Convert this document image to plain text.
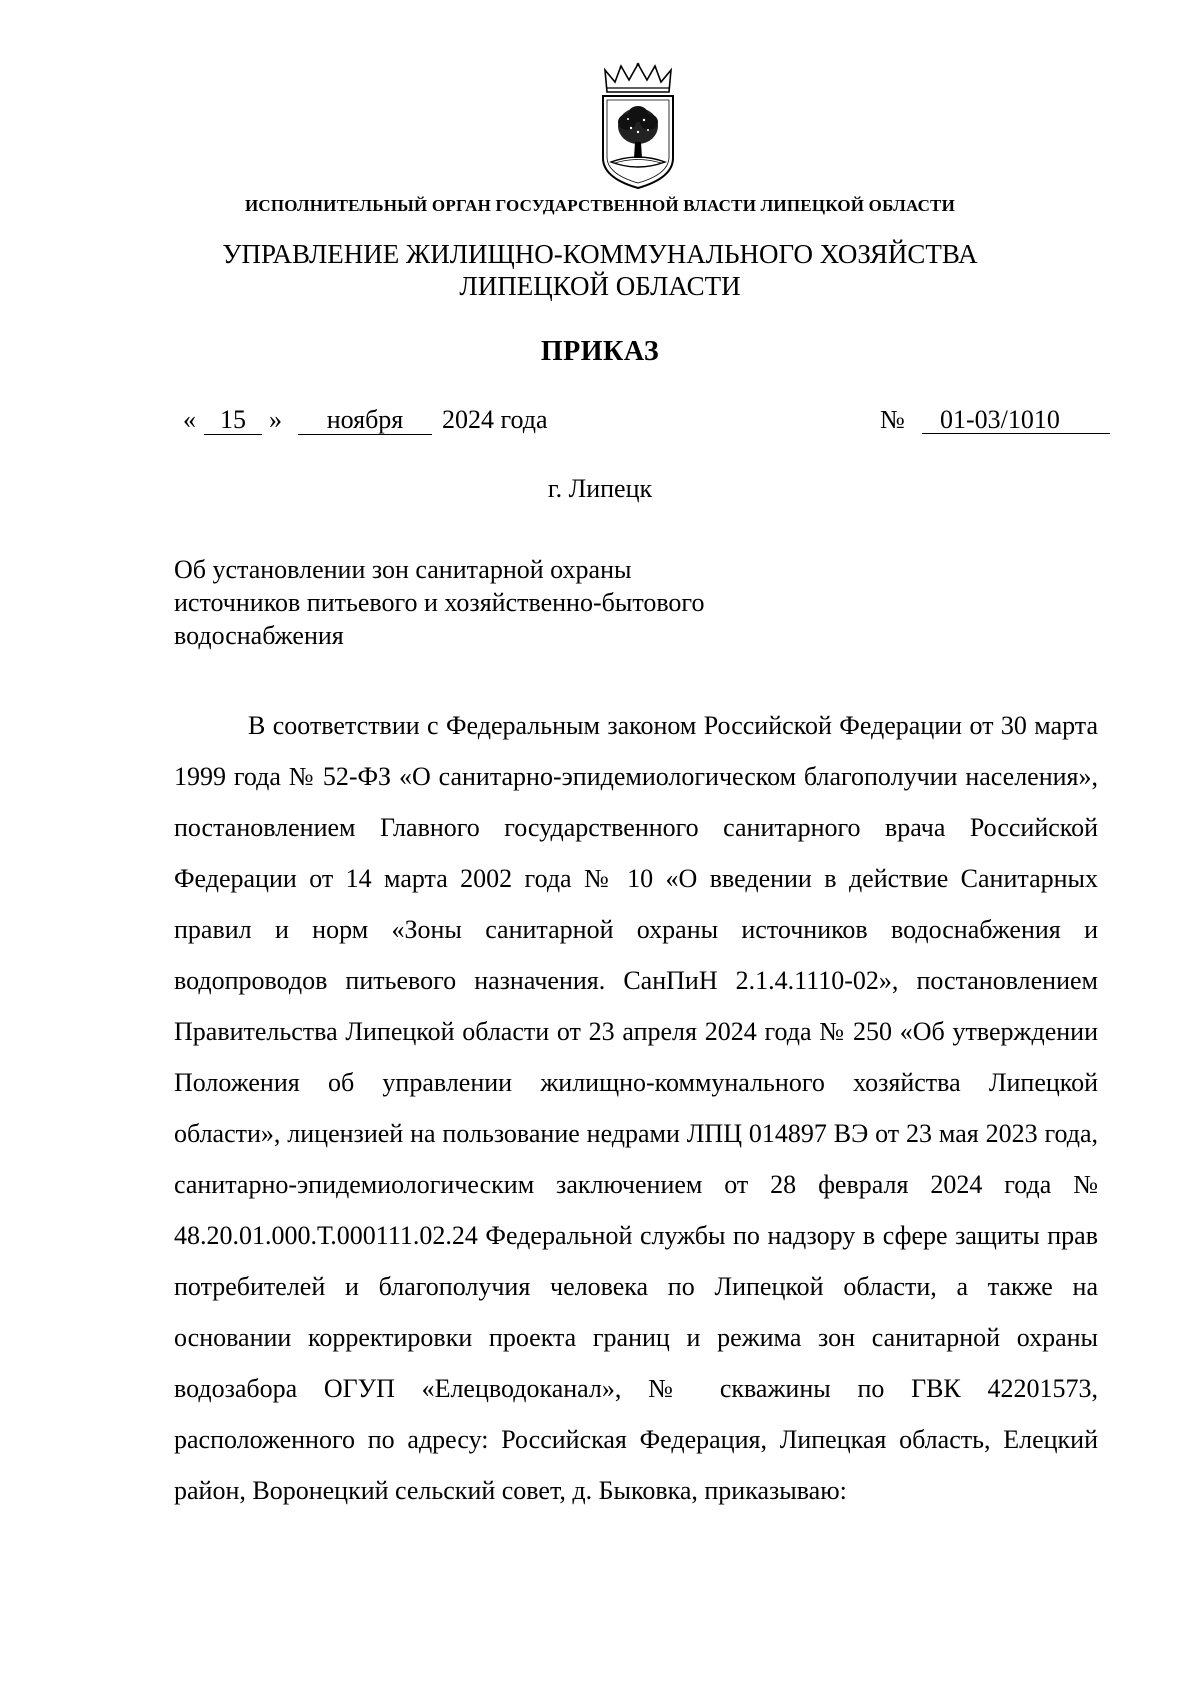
ИСПОЛНИТЕЛЬНЫЙ ОРГАН ГОСУДАРСТВЕННОЙ ВЛАСТИ ЛИПЕЦКОЙ ОБЛАСТИ
УПРАВЛЕНИЕ ЖИЛИЩНО-КОММУНАЛЬНОГО ХОЗЯЙСТВА
ЛИПЕЦКОЙ ОБЛАСТИ
ПРИКАЗ
« 15 »	ноября	2024 года	№	01-03/1010
г. Липецк
Об установлении зон санитарной охраны
источников питьевого и хозяйственно-бытового
водоснабжения

В соответствии с Федеральным законом Российской Федерации от 30 марта 1999 года № 52-ФЗ «О санитарно-эпидемиологическом благополучии населения», постановлением Главного государственного санитарного врача Российской Федерации от 14 марта 2002 года № 10 «О введении в действие Санитарных правил и норм «Зоны санитарной охраны источников водоснабжения и водопроводов питьевого назначения. СанПиН 2.1.4.1110-02», постановлением Правительства Липецкой области от 23 апреля 2024 года № 250 «Об утверждении Положения об управлении жилищно-коммунального хозяйства Липецкой области», лицензией на пользование недрами ЛПЦ 014897 ВЭ от 23 мая 2023 года, санитарно-эпидемиологическим заключением от 28 февраля 2024 года № 48.20.01.000.Т.000111.02.24 Федеральной службы по надзору в сфере защиты прав потребителей и благополучия человека по Липецкой области, а также на основании корректировки проекта границ и режима зон санитарной охраны водозабора ОГУП «Елецводоканал», № скважины по ГВК 42201573, расположенного по адресу: Российская Федерация, Липецкая область, Елецкий район, Воронецкий сельский совет, д. Быковка, приказываю:
